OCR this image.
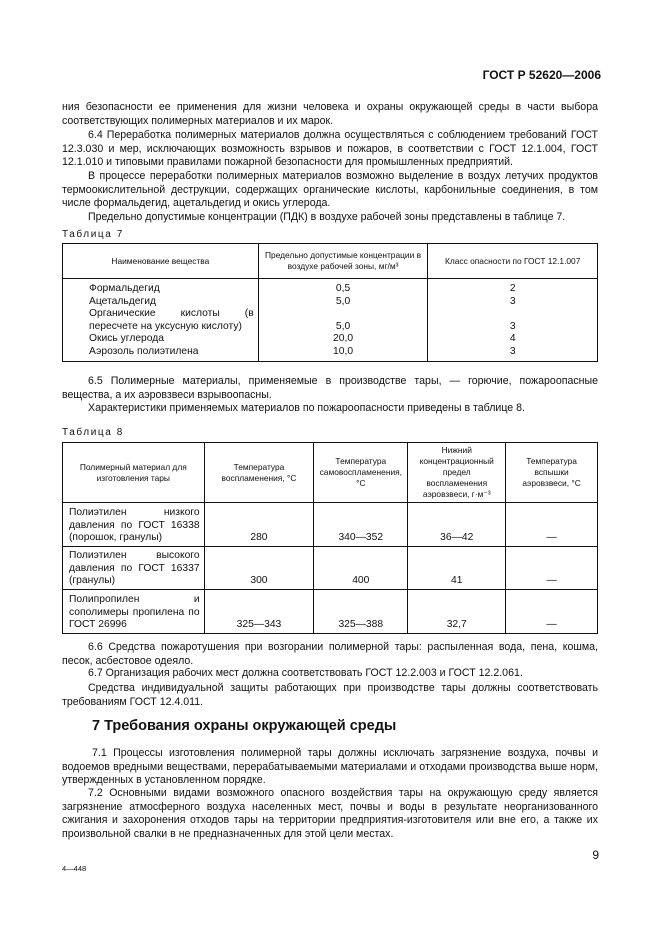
ГОСТ Р 52620—2006
ния безопасности ее применения для жизни человека и охраны окружающей среды в части выбора соответствующих полимерных материалов и их марок.
6.4 Переработка полимерных материалов должна осуществляться с соблюдением требований ГОСТ 12.3.030 и мер, исключающих возможность взрывов и пожаров, в соответствии с ГОСТ 12.1.004, ГОСТ 12.1.010 и типовыми правилами пожарной безопасности для промышленных предприятий.
В процессе переработки полимерных материалов возможно выделение в воздух летучих продуктов термоокислительной деструкции, содержащих органические кислоты, карбонильные соединения, в том числе формальдегид, ацетальдегид и окись углерода.
Предельно допустимые концентрации (ПДК) в воздухе рабочей зоны представлены в таблице 7.
Таблица 7
Наименование вещества	Предельно допустимые концентрации в воздухе рабочей зоны, мг/м³	Класс опасности по ГОСТ 12.1.007
Формальдегид	0,5	2
Ацетальдегид	5,0	3
Органические кислоты (в пересчете на уксусную кислоту)	5,0	3
Окись углерода	20,0	4
Аэрозоль полиэтилена	10,0	3
6.5 Полимерные материалы, применяемые в производстве тары, — горючие, пожароопасные вещества, а их аэровзвеси взрывоопасны.
Характеристики применяемых материалов по пожароопасности приведены в таблице 8.
Таблица 8
Полимерный материал для изготовления тары	Температура воспламенения, °С	Температура самовоспламенения, °С	Нижний концентрационный предел воспламенения аэровзвеси, г·м⁻³	Температура вспышки аэровзвеси, °С
Полиэтилен низкого давления по ГОСТ 16338 (порошок, гранулы)	280	340—352	36—42	—
Полиэтилен высокого давления по ГОСТ 16337 (гранулы)	300	400	41	—
Полипропилен и сополимеры пропилена по ГОСТ 26996	325—343	325—388	32,7	—
6.6 Средства пожаротушения при возгорании полимерной тары: распыленная вода, пена, кошма, песок, асбестовое одеяло.
6.7 Организация рабочих мест должна соответствовать ГОСТ 12.2.003 и ГОСТ 12.2.061.
Средства индивидуальной защиты работающих при производстве тары должны соответствовать требованиям ГОСТ 12.4.011.
7 Требования охраны окружающей среды
7.1 Процессы изготовления полимерной тары должны исключать загрязнение воздуха, почвы и водоемов вредными веществами, перерабатываемыми материалами и отходами производства выше норм, утвержденных в установленном порядке.
7.2 Основными видами возможного опасного воздействия тары на окружающую среду является загрязнение атмосферного воздуха населенных мест, почвы и воды в результате неорганизованного сжигания и захоронения отходов тары на территории предприятия-изготовителя или вне его, а также их произвольной свалки в не предназначенных для этой цели местах.
4—448
9
